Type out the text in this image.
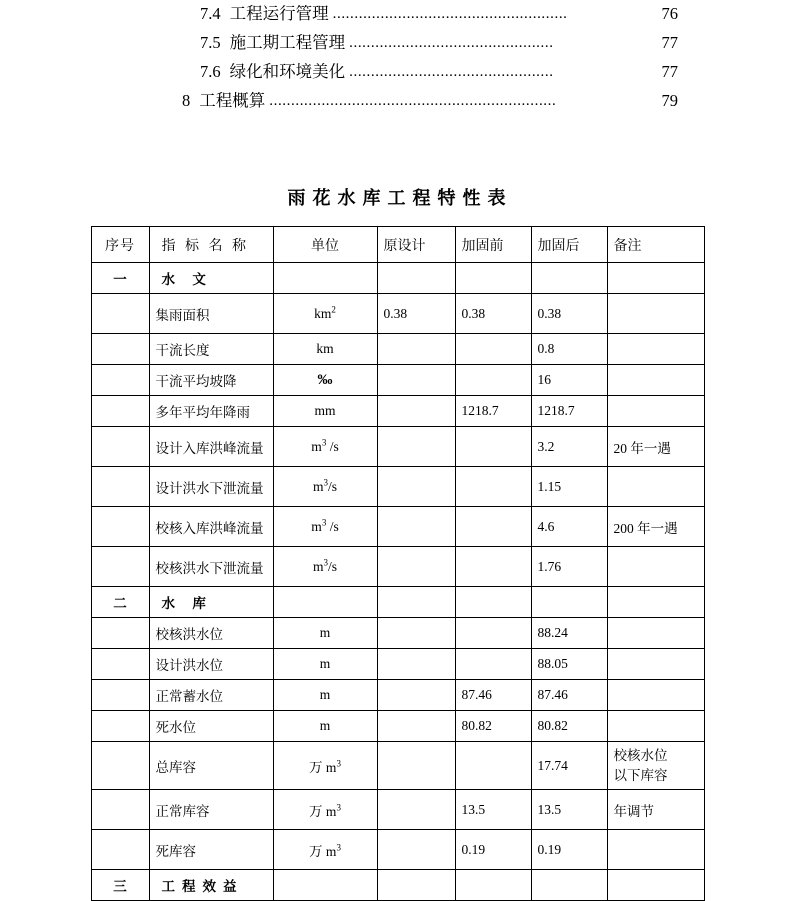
7.4 工程运行管理 ......................................................	76
7.5 施工期工程管理 ...............................................	77
7.6 绿化和环境美化 ...............................................	77
8 工程概算 ..................................................................	79
雨花水库工程特性表
序号	指 标 名 称	单位	原设计	加固前	加固后	备注
一	水 文					
	集雨面积	$km^2$	0.38	0.38	0.38	
	干流长度	km			0.8	
	干流平均坡降	‰			16	
	多年平均年降雨	mm		1218.7	1218.7	
	设计入库洪峰流量	$m^3$ /s			3.2	20 年一遇
	设计洪水下泄流量	$m^3/s$			1.15	
	校核入库洪峰流量	$m^3$ /s			4.6	200 年一遇
	校核洪水下泄流量	$m^3/s$			1.76	
二	水 库					
	校核洪水位	m			88.24	
	设计洪水位	m			88.05	
	正常蓄水位	m		87.46	87.46	
	死水位	m		80.82	80.82	
	总库容	万 $m^3$			17.74	校核水位
以下库容
	正常库容	万 $m^3$		13.5	13.5	年调节
	死库容	万 $m^3$		0.19	0.19	
三	工程效益					
